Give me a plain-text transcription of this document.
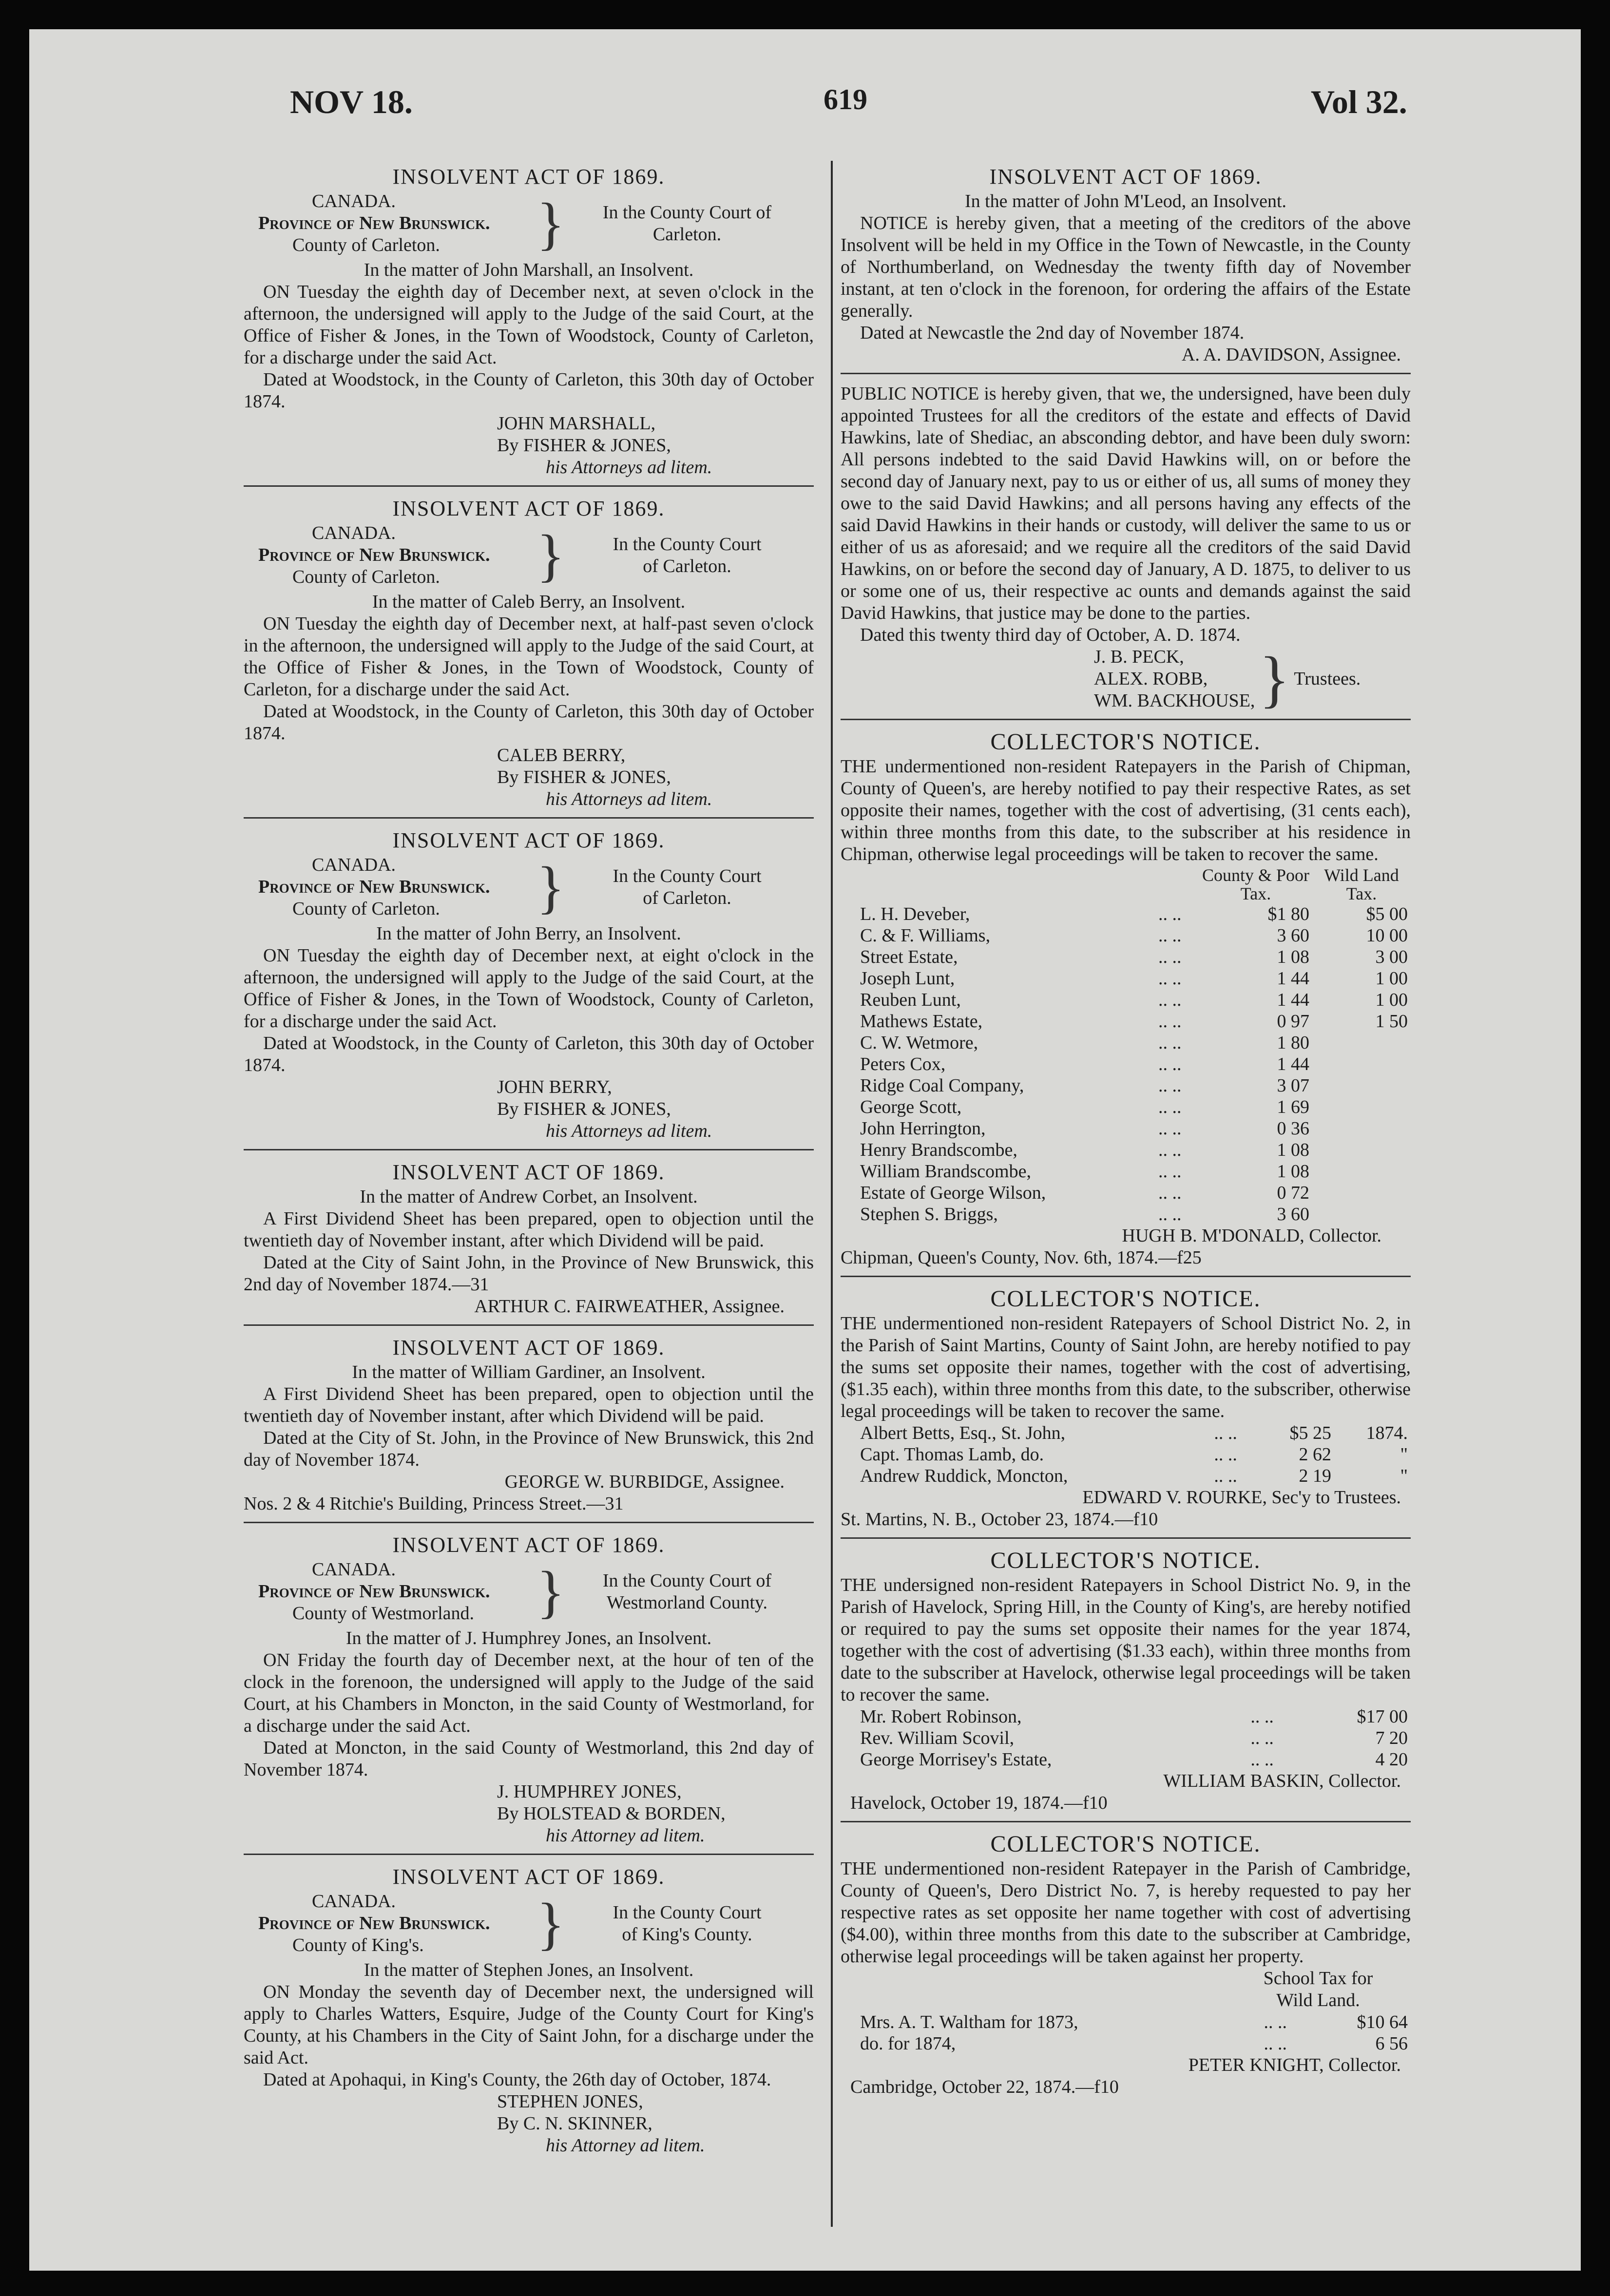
NOV 18.	619	Vol 32.
INSOLVENT ACT OF 1869.
CANADA.
Province of New Brunswick.
County of Carleton.	}	In the County Court of
Carleton.
In the matter of John Marshall, an Insolvent.

ON Tuesday the eighth day of December next, at seven o'clock in the afternoon, the undersigned will apply to the Judge of the said Court, at the Office of Fisher & Jones, in the Town of Woodstock, County of Carleton, for a discharge under the said Act.

Dated at Woodstock, in the County of Carleton, this 30th day of October 1874.

JOHN MARSHALL,
By FISHER & JONES,
his Attorneys ad litem.
INSOLVENT ACT OF 1869.
CANADA.
Province of New Brunswick.
County of Carleton.	}	In the County Court
of Carleton.
In the matter of Caleb Berry, an Insolvent.

ON Tuesday the eighth day of December next, at half-past seven o'clock in the afternoon, the undersigned will apply to the Judge of the said Court, at the Office of Fisher & Jones, in the Town of Woodstock, County of Carleton, for a discharge under the said Act.

Dated at Woodstock, in the County of Carleton, this 30th day of October 1874.

CALEB BERRY,
By FISHER & JONES,
his Attorneys ad litem.
INSOLVENT ACT OF 1869.
CANADA.
Province of New Brunswick.
County of Carleton.	}	In the County Court
of Carleton.
In the matter of John Berry, an Insolvent.

ON Tuesday the eighth day of December next, at eight o'clock in the afternoon, the undersigned will apply to the Judge of the said Court, at the Office of Fisher & Jones, in the Town of Woodstock, County of Carleton, for a discharge under the said Act.

Dated at Woodstock, in the County of Carleton, this 30th day of October 1874.

JOHN BERRY,
By FISHER & JONES,
his Attorneys ad litem.
INSOLVENT ACT OF 1869.
In the matter of Andrew Corbet, an Insolvent.

A First Dividend Sheet has been prepared, open to objection until the twentieth day of November instant, after which Dividend will be paid.

Dated at the City of Saint John, in the Province of New Brunswick, this 2nd day of November 1874.—31

ARTHUR C. FAIRWEATHER, Assignee.
INSOLVENT ACT OF 1869.
In the matter of William Gardiner, an Insolvent.

A First Dividend Sheet has been prepared, open to objection until the twentieth day of November instant, after which Dividend will be paid.

Dated at the City of St. John, in the Province of New Brunswick, this 2nd day of November 1874.

GEORGE W. BURBIDGE, Assignee.
Nos. 2 & 4 Ritchie's Building, Princess Street.—31
INSOLVENT ACT OF 1869.
CANADA.
Province of New Brunswick.
County of Westmorland.	}	In the County Court of
Westmorland County.
In the matter of J. Humphrey Jones, an Insolvent.

ON Friday the fourth day of December next, at the hour of ten of the clock in the forenoon, the undersigned will apply to the Judge of the said Court, at his Chambers in Moncton, in the said County of Westmorland, for a discharge under the said Act.

Dated at Moncton, in the said County of Westmorland, this 2nd day of November 1874.

J. HUMPHREY JONES,
By HOLSTEAD & BORDEN,
his Attorney ad litem.
INSOLVENT ACT OF 1869.
CANADA.
Province of New Brunswick.
County of King's.	}	In the County Court
of King's County.
In the matter of Stephen Jones, an Insolvent.

ON Monday the seventh day of December next, the undersigned will apply to Charles Watters, Esquire, Judge of the County Court for King's County, at his Chambers in the City of Saint John, for a discharge under the said Act.

Dated at Apohaqui, in King's County, the 26th day of October, 1874.

STEPHEN JONES,
By C. N. SKINNER,
his Attorney ad litem.
INSOLVENT ACT OF 1869.
In the matter of John M'Leod, an Insolvent.

NOTICE is hereby given, that a meeting of the creditors of the above Insolvent will be held in my Office in the Town of Newcastle, in the County of Northumberland, on Wednesday the twenty fifth day of November instant, at ten o'clock in the forenoon, for ordering the affairs of the Estate generally.

Dated at Newcastle the 2nd day of November 1874.

A. A. DAVIDSON, Assignee.

PUBLIC NOTICE is hereby given, that we, the undersigned, have been duly appointed Trustees for all the creditors of the estate and effects of David Hawkins, late of Shediac, an absconding debtor, and have been duly sworn: All persons indebted to the said David Hawkins will, on or before the second day of January next, pay to us or either of us, all sums of money they owe to the said David Hawkins; and all persons having any effects of the said David Hawkins in their hands or custody, will deliver the same to us or either of us as aforesaid; and we require all the creditors of the said David Hawkins, on or before the second day of January, A D. 1875, to deliver to us or some one of us, their respective ac ounts and demands against the said David Hawkins, that justice may be done to the parties.

Dated this twenty third day of October, A. D. 1874.

J. B. PECK,
ALEX. ROBB,
WM. BACKHOUSE, } Trustees.
COLLECTOR'S NOTICE.

THE undermentioned non-resident Ratepayers in the Parish of Chipman, County of Queen's, are hereby notified to pay their respective Rates, as set opposite their names, together with the cost of advertising, (31 cents each), within three months from this date, to the subscriber at his residence in Chipman, otherwise legal proceedings will be taken to recover the same.

		County & Poor Tax.	Wild Land Tax.
L. H. Deveber,	.. ..	$1 80	$5 00
C. & F. Williams,	.. ..	3 60	10 00
Street Estate,	.. ..	1 08	3 00
Joseph Lunt,	.. ..	1 44	1 00
Reuben Lunt,	.. ..	1 44	1 00
Mathews Estate,	.. ..	0 97	1 50
C. W. Wetmore,	.. ..	1 80	
Peters Cox,	.. ..	1 44	
Ridge Coal Company,	.. ..	3 07	
George Scott,	.. ..	1 69	
John Herrington,	.. ..	0 36	
Henry Brandscombe,	.. ..	1 08	
William Brandscombe,	.. ..	1 08	
Estate of George Wilson,	.. ..	0 72	
Stephen S. Briggs,	.. ..	3 60	
HUGH B. M'DONALD, Collector.
Chipman, Queen's County, Nov. 6th, 1874.—f25
COLLECTOR'S NOTICE.

THE undermentioned non-resident Ratepayers of School District No. 2, in the Parish of Saint Martins, County of Saint John, are hereby notified to pay the sums set opposite their names, together with the cost of advertising, ($1.35 each), within three months from this date, to the subscriber, otherwise legal proceedings will be taken to recover the same.

Albert Betts, Esq., St. John,	.. ..	$5 25	1874.
Capt. Thomas Lamb, do.	.. ..	2 62	"
Andrew Ruddick, Moncton,	.. ..	2 19	"
EDWARD V. ROURKE, Sec'y to Trustees.
St. Martins, N. B., October 23, 1874.—f10
COLLECTOR'S NOTICE.

THE undersigned non-resident Ratepayers in School District No. 9, in the Parish of Havelock, Spring Hill, in the County of King's, are hereby notified or required to pay the sums set opposite their names for the year 1874, together with the cost of advertising ($1.33 each), within three months from date to the subscriber at Havelock, otherwise legal proceedings will be taken to recover the same.

Mr. Robert Robinson,	.. ..	$17 00
Rev. William Scovil,	.. ..	7 20
George Morrisey's Estate,	.. ..	4 20
WILLIAM BASKIN, Collector.
Havelock, October 19, 1874.—f10
COLLECTOR'S NOTICE.

THE undermentioned non-resident Ratepayer in the Parish of Cambridge, County of Queen's, Dero District No. 7, is hereby requested to pay her respective rates as set opposite her name together with cost of advertising ($4.00), within three months from this date to the subscriber at Cambridge, otherwise legal proceedings will be taken against her property.

School Tax for Wild Land.
Mrs. A. T. Waltham for 1873,	.. ..	$10 64
do. for 1874,	.. ..	6 56
PETER KNIGHT, Collector.
Cambridge, October 22, 1874.—f10
